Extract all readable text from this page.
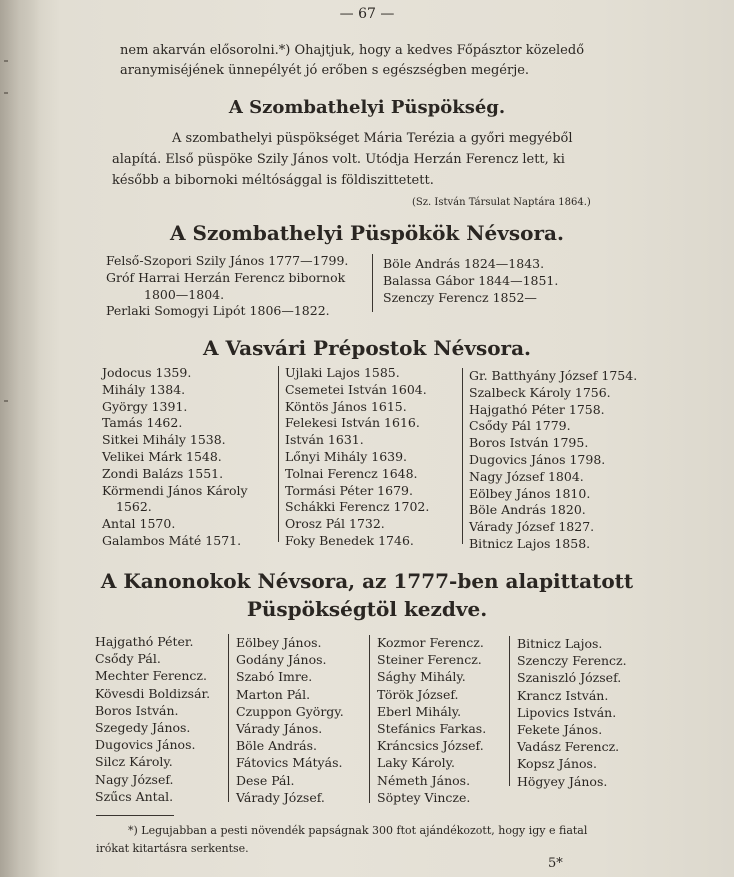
— 67 —
nem akarván elősorolni.*) Ohajtjuk, hogy a kedves Főpásztor közeledő
aranymiséjének ünnepélyét jó erőben s egészségben megérje.
A Szombathelyi Püspökség.
A szombathelyi püspökséget Mária Terézia a győri megyéből
alapítá. Első püspöke Szily János volt. Utódja Herzán Ferencz lett, ki
később a bibornoki méltósággal is földiszittetett.
(Sz. István Társulat Naptára 1864.)
A Szombathelyi Püspökök Névsora.
Felső-Szopori Szily János 1777—1799.
Gróf Harrai Herzán Ferencz bibornok
1800—1804.
Perlaki Somogyi Lipót 1806—1822.
Böle András 1824—1843.
Balassa Gábor 1844—1851.
Szenczy Ferencz 1852—
A Vasvári Prépostok Névsora.
Jodocus 1359.
Mihály 1384.
György 1391.
Tamás 1462.
Sitkei Mihály 1538.
Velikei Márk 1548.
Zondi Balázs 1551.
Körmendi János Károly
1562.
Antal 1570.
Galambos Máté 1571.
Ujlaki Lajos 1585.
Csemetei István 1604.
Köntös János 1615.
Felekesi István 1616.
István 1631.
Lőnyi Mihály 1639.
Tolnai Ferencz 1648.
Tormási Péter 1679.
Schákki Ferencz 1702.
Orosz Pál 1732.
Foky Benedek 1746.
Gr. Batthyány József 1754.
Szalbeck Károly 1756.
Hajgathó Péter 1758.
Csődy Pál 1779.
Boros István 1795.
Dugovics János 1798.
Nagy József 1804.
Eölbey János 1810.
Böle András 1820.
Várady József 1827.
Bitnicz Lajos 1858.
A Kanonokok Névsora, az 1777-ben alapittatott
Püspökségtöl kezdve.
Hajgathó Péter.
Csődy Pál.
Mechter Ferencz.
Kövesdi Boldizsár.
Boros István.
Szegedy János.
Dugovics János.
Silcz Károly.
Nagy József.
Szűcs Antal.
Eölbey János.
Godány János.
Szabó Imre.
Marton Pál.
Czuppon György.
Várady János.
Böle András.
Fátovics Mátyás.
Dese Pál.
Várady József.
Kozmor Ferencz.
Steiner Ferencz.
Sághy Mihály.
Török József.
Eberl Mihály.
Stefánics Farkas.
Kráncsics József.
Laky Károly.
Németh János.
Söptey Vincze.
Bitnicz Lajos.
Szenczy Ferencz.
Szaniszló József.
Krancz István.
Lipovics István.
Fekete János.
Vadász Ferencz.
Kopsz János.
Högyey János.
*) Legujabban a pesti növendék papságnak 300 ftot ajándékozott, hogy igy e fiatal
irókat kitartásra serkentse.
5*
